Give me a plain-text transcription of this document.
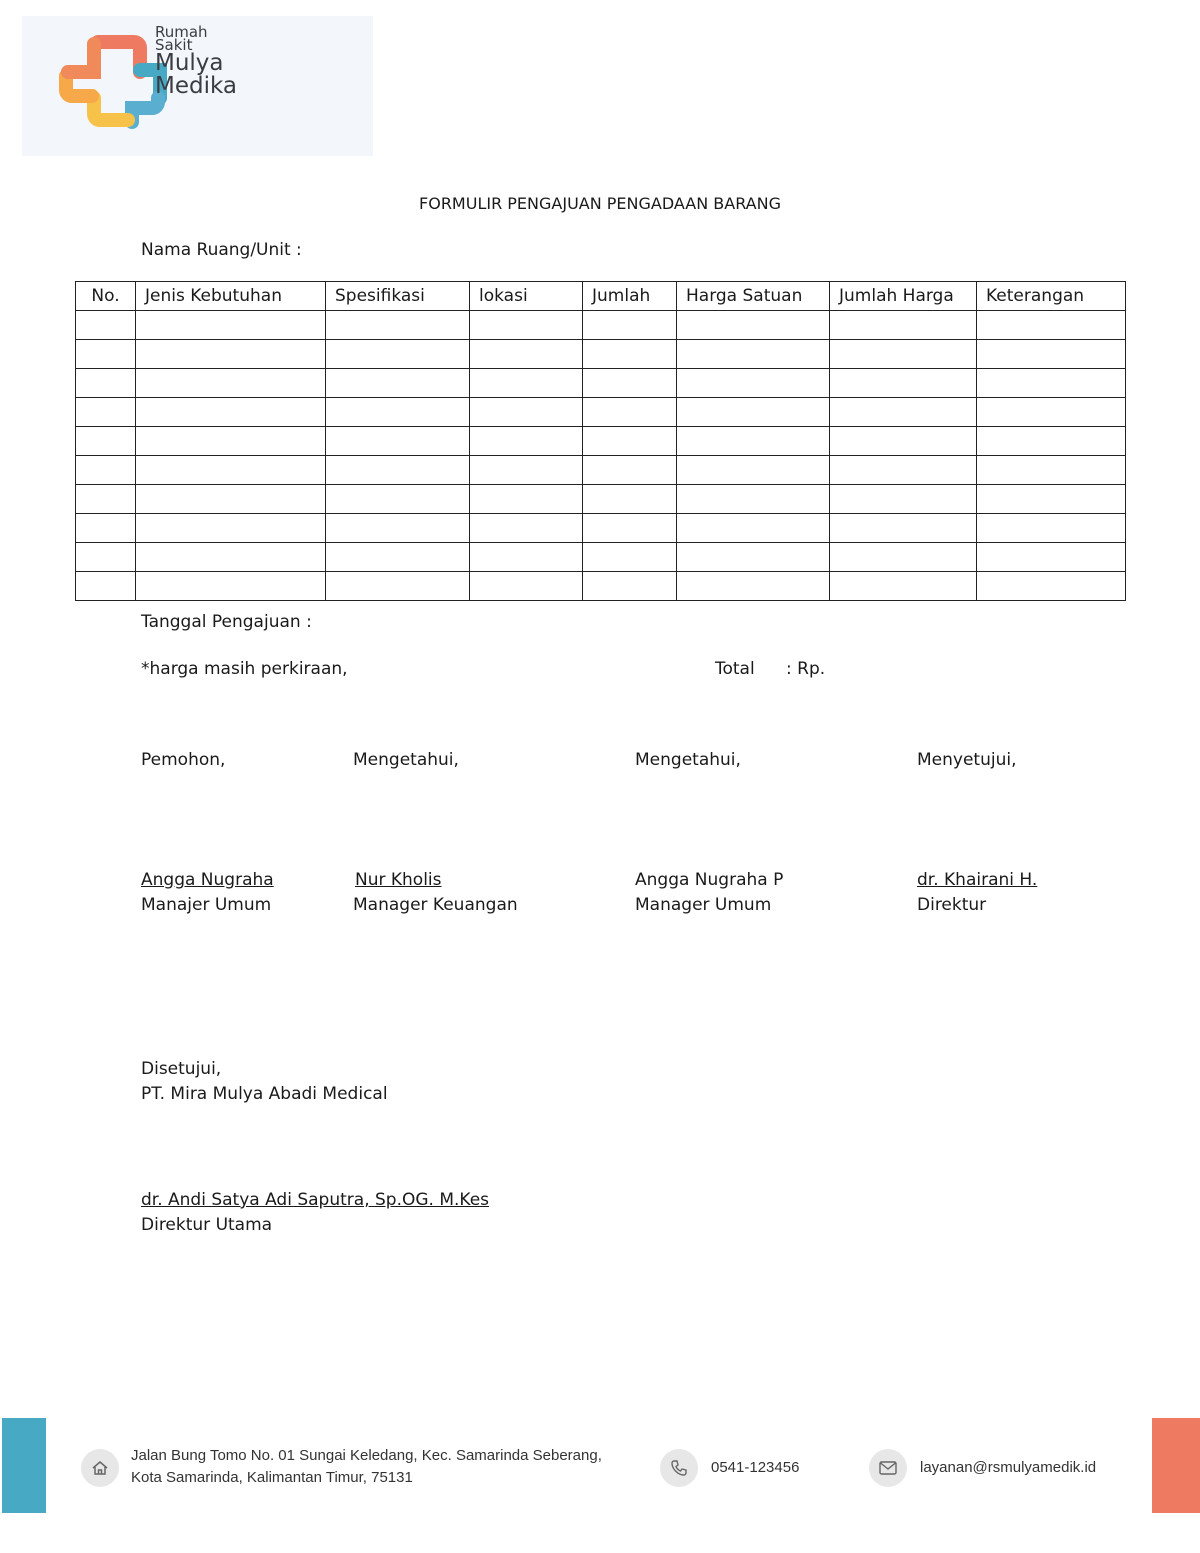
Rumah
Sakit
Mulya
Medika
FORMULIR PENGAJUAN PENGADAAN BARANG
Nama Ruang/Unit :
No.	Jenis Kebutuhan	Spesifikasi	lokasi	Jumlah	Harga Satuan	Jumlah Harga	Keterangan

Tanggal Pengajuan :
*harga masih perkiraan,	Total : Rp.
Pemohon,
Angga Nugraha
Manajer Umum
Mengetahui,
Nur Kholis
Manager Keuangan
Mengetahui,
Angga Nugraha P
Manager Umum
Menyetujui,
dr. Khairani H.
Direktur
Disetujui,
PT. Mira Mulya Abadi Medical
dr. Andi Satya Adi Saputra, Sp.OG. M.Kes
Direktur Utama
Jalan Bung Tomo No. 01 Sungai Keledang, Kec. Samarinda Seberang,
Kota Samarinda, Kalimantan Timur, 75131
0541-123456	layanan@rsmulyamedik.id
